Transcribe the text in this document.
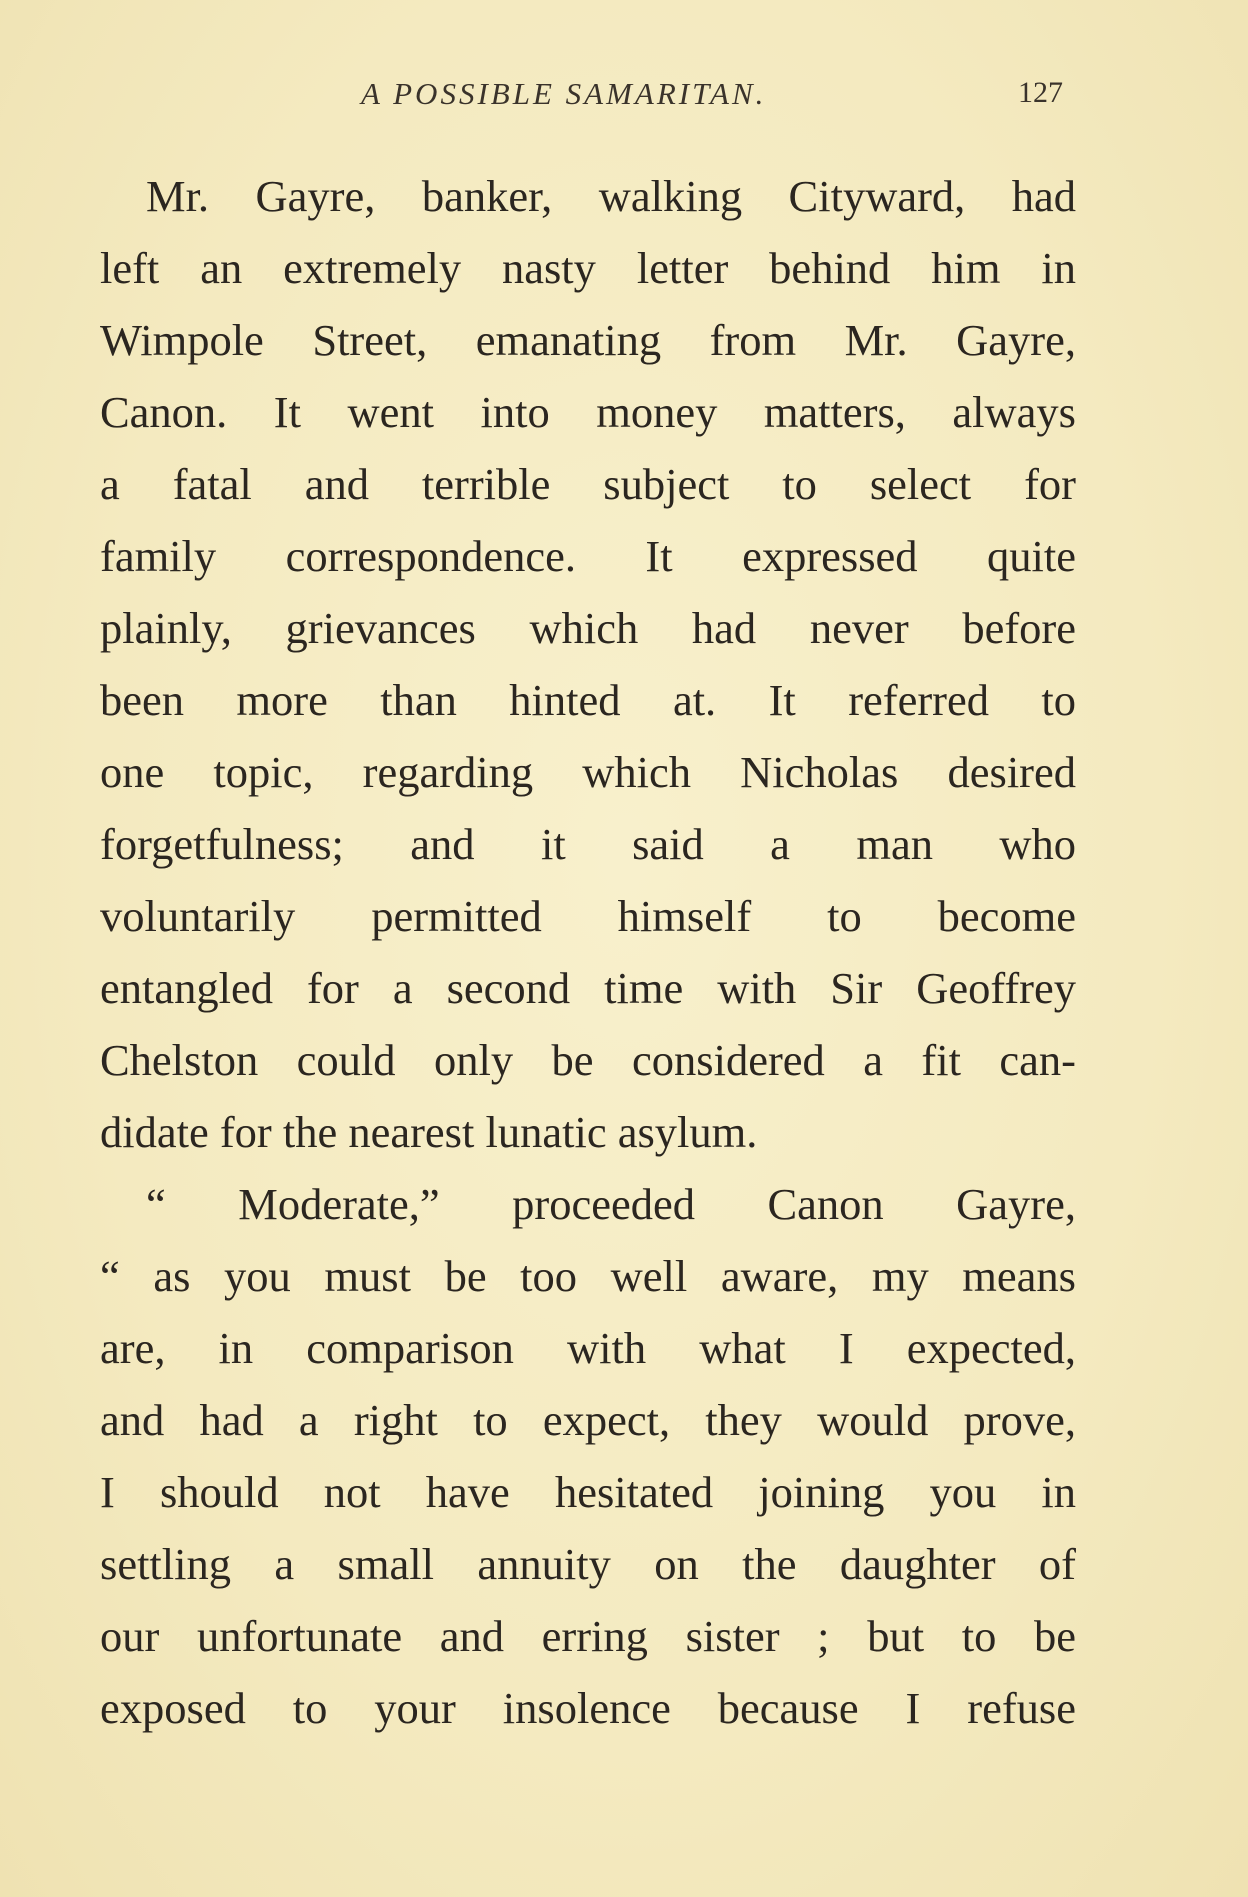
A POSSIBLE SAMARITAN.	127
Mr. Gayre, banker, walking Cityward, had
left an extremely nasty letter behind him in
Wimpole Street, emanating from Mr. Gayre,
Canon. It went into money matters, always
a fatal and terrible subject to select for
family correspondence. It expressed quite
plainly, grievances which had never before
been more than hinted at. It referred to
one topic, regarding which Nicholas desired
forgetfulness; and it said a man who
voluntarily permitted himself to become
entangled for a second time with Sir Geoffrey
Chelston could only be considered a fit can-
didate for the nearest lunatic asylum.
“ Moderate,” proceeded Canon Gayre,
“ as you must be too well aware, my means
are, in comparison with what I expected,
and had a right to expect, they would prove,
I should not have hesitated joining you in
settling a small annuity on the daughter of
our unfortunate and erring sister ; but to be
exposed to your insolence because I refuse
